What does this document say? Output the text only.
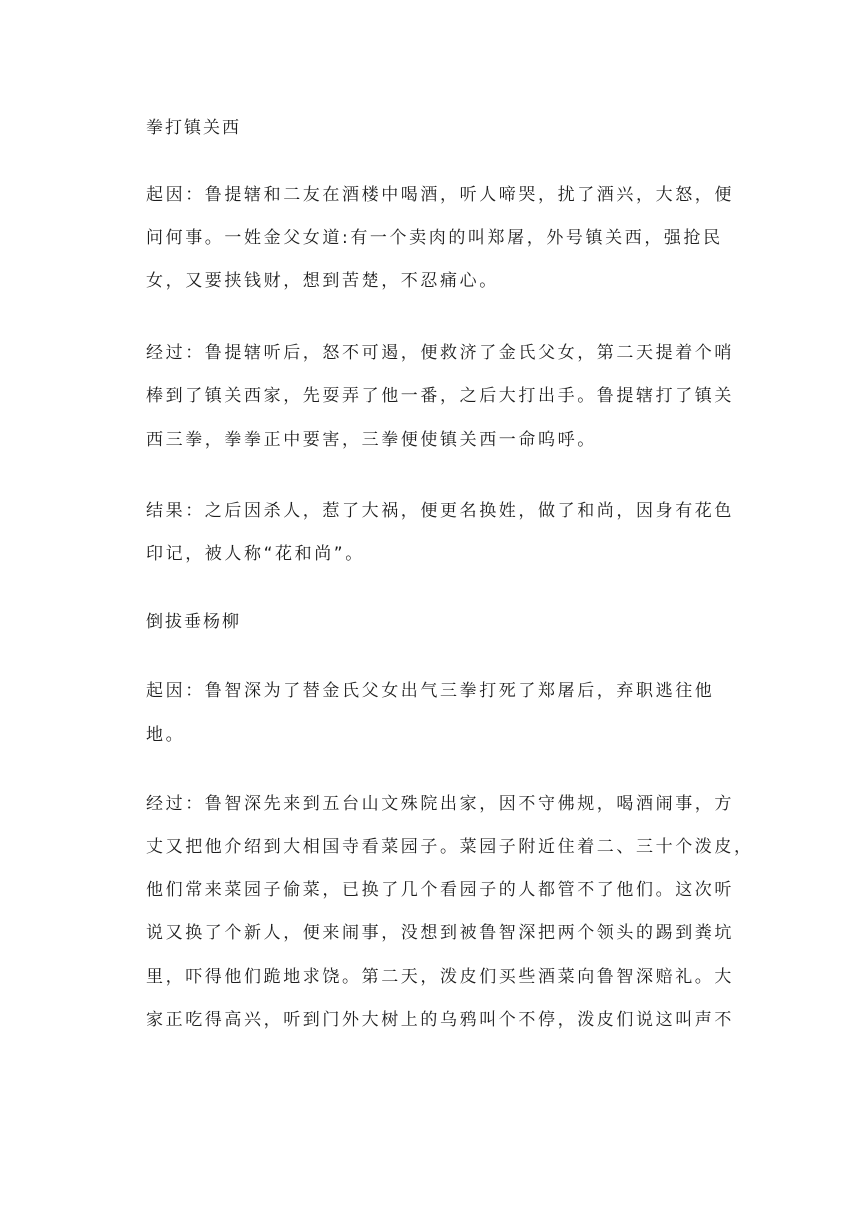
拳打镇关西
起因：鲁提辖和二友在酒楼中喝酒，听人啼哭，扰了酒兴，大怒，便
问何事。一姓金父女道:有一个卖肉的叫郑屠，外号镇关西，强抢民
女，又要挟钱财，想到苦楚，不忍痛心。
经过：鲁提辖听后，怒不可遏，便救济了金氏父女，第二天提着个哨
棒到了镇关西家，先耍弄了他一番，之后大打出手。鲁提辖打了镇关
西三拳，拳拳正中要害，三拳便使镇关西一命呜呼。
结果：之后因杀人，惹了大祸，便更名换姓，做了和尚，因身有花色
印记，被人称“花和尚”。
倒拔垂杨柳
起因：鲁智深为了替金氏父女出气三拳打死了郑屠后，弃职逃往他
地。
经过：鲁智深先来到五台山文殊院出家，因不守佛规，喝酒闹事，方
丈又把他介绍到大相国寺看菜园子。菜园子附近住着二、三十个泼皮，
他们常来菜园子偷菜，已换了几个看园子的人都管不了他们。这次听
说又换了个新人，便来闹事，没想到被鲁智深把两个领头的踢到粪坑
里，吓得他们跪地求饶。第二天，泼皮们买些酒菜向鲁智深赔礼。大
家正吃得高兴，听到门外大树上的乌鸦叫个不停，泼皮们说这叫声不
